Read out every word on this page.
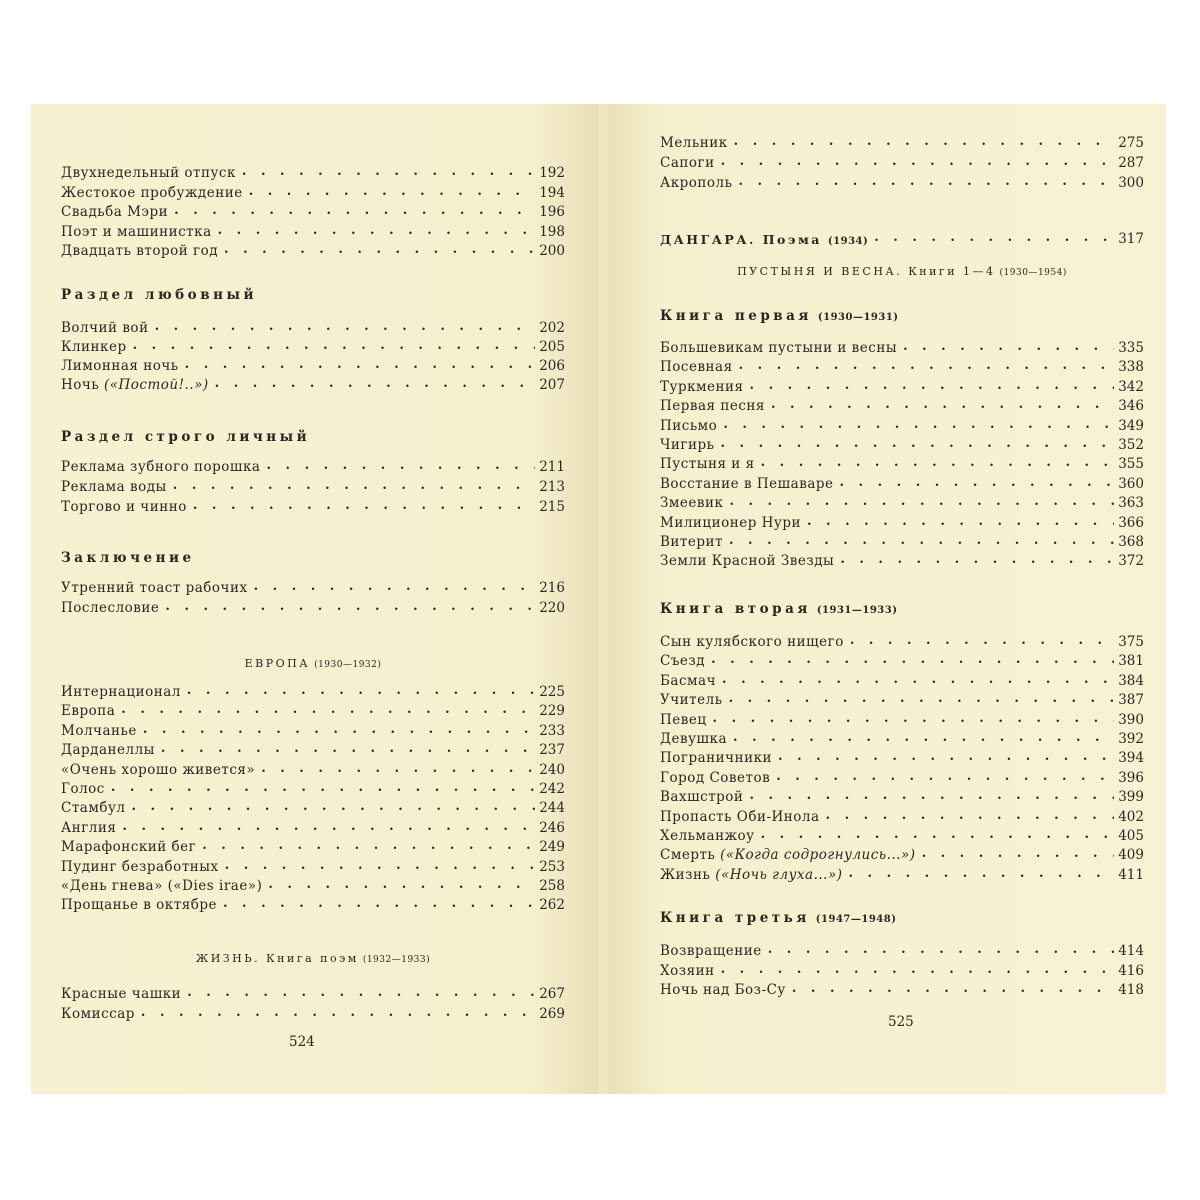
Двухнедельный отпуск . . .	192
Жестокое пробуждение . . .	194
Свадьба Мэри . . .	196
Поэт и машинистка . . .	198
Двадцать второй год . . .	200
Раздел любовный
Волчий вой . . .	202
Клинкер . . .	205
Лимонная ночь . . .	206
Ночь («Постой!..») . . .	207
Раздел строго личный
Реклама зубного порошка . . .	211
Реклама воды . . .	213
Торгово и чинно . . .	215
Заключение
Утренний тоаст рабочих . . .	216
Послесловие . . .	220
ЕВРОПА (1930—1932)
Интернационал . . .	225
Европа . . .	229
Молчанье . . .	233
Дарданеллы . . .	237
«Очень хорошо живется» . . .	240
Голос . . .	242
Стамбул . . .	244
Англия . . .	246
Марафонский бег . . .	249
Пудинг безработных . . .	253
«День гнева» («Dies irae») . . .	258
Прощанье в октябре . . .	262
ЖИЗНЬ. Книга поэм (1932—1933)
Красные чашки . . .	267
Комиссар . . .	269
524
Мельник . . .	275
Сапоги . . .	287
Акрополь . . .	300
ДАНГАРА. Поэма (1934) . . .	317
ПУСТЫНЯ И ВЕСНА. Книги 1—4 (1930—1954)
Книга первая (1930—1931)
Большевикам пустыни и весны . . .	335
Посевная . . .	338
Туркмения . . .	342
Первая песня . . .	346
Письмо . . .	349
Чигирь . . .	352
Пустыня и я . . .	355
Восстание в Пешаваре . . .	360
Змеевик . . .	363
Милиционер Нури . . .	366
Витерит . . .	368
Земли Красной Звезды . . .	372
Книга вторая (1931—1933)
Сын кулябского нищего . . .	375
Съезд . . .	381
Басмач . . .	384
Учитель . . .	387
Певец . . .	390
Девушка . . .	392
Пограничники . . .	394
Город Советов . . .	396
Вахшстрой . . .	399
Пропасть Оби-Инола . . .	402
Хельманжоу . . .	405
Смерть («Когда содрогнулись...») . . .	409
Жизнь («Ночь глуха...») . . .	411
Книга третья (1947—1948)
Возвращение . . .	414
Хозяин . . .	416
Ночь над Боз-Су . . .	418
525
